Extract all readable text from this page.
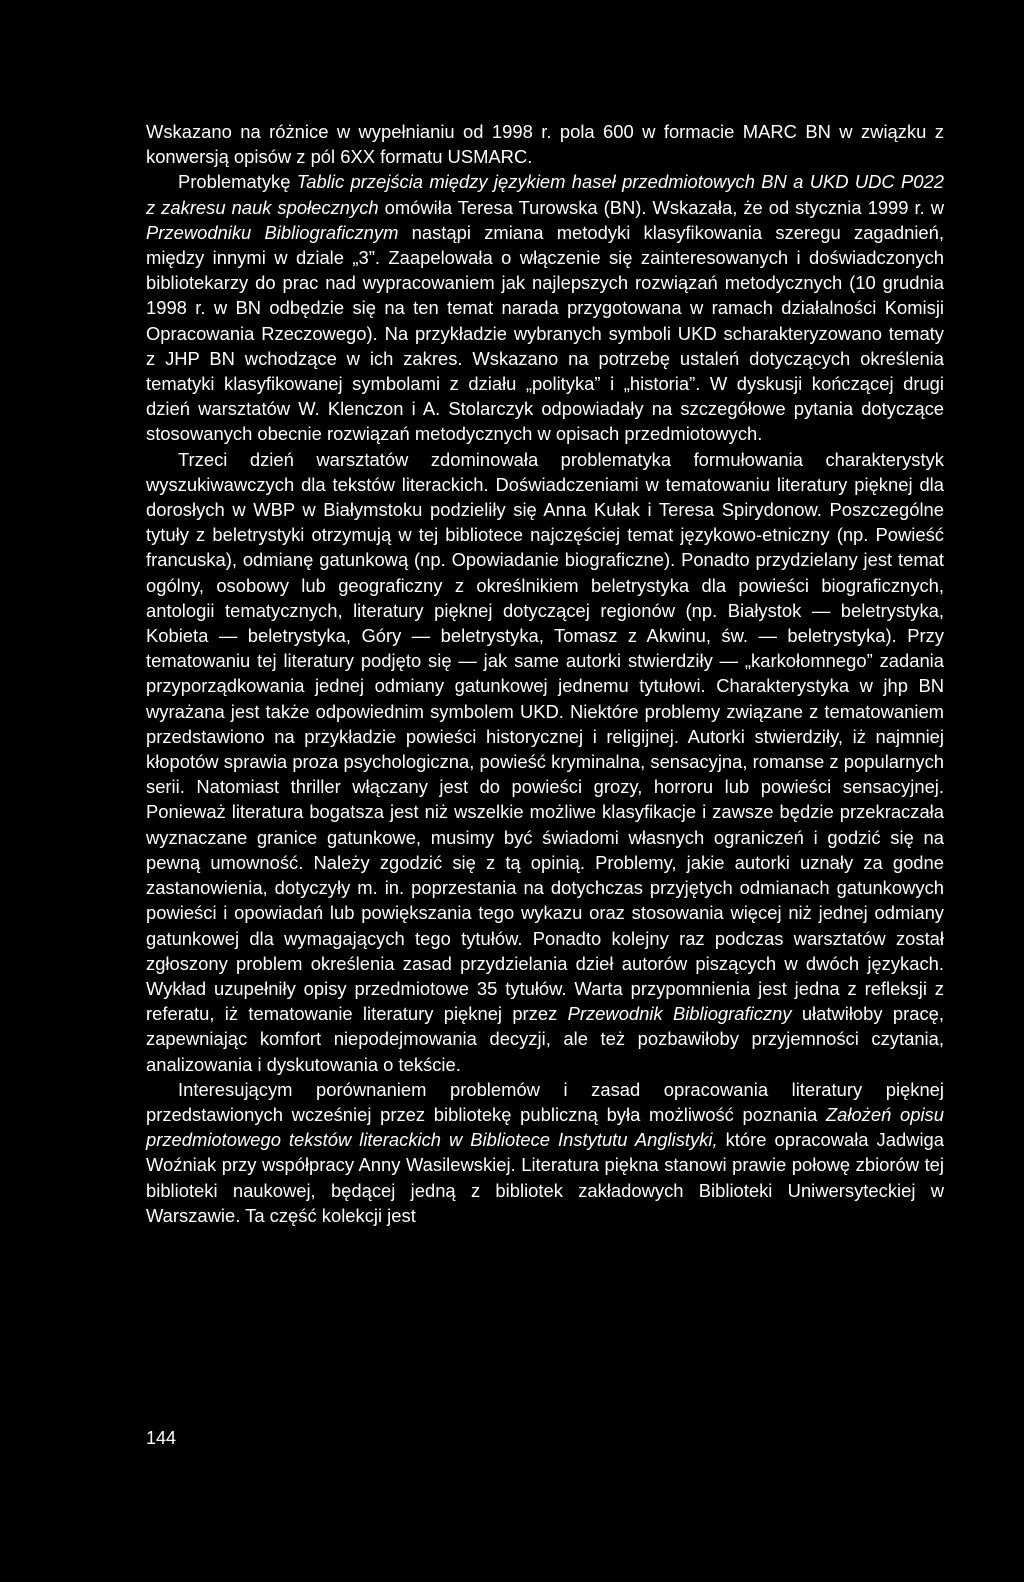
Wskazano na różnice w wypełnianiu od 1998 r. pola 600 w formacie MARC BN w związku z konwersją opisów z pól 6XX formatu USMARC.

Problematykę Tablic przejścia między językiem haseł przedmiotowych BN a UKD UDC P022 z zakresu nauk społecznych omówiła Teresa Turowska (BN). Wskazała, że od stycznia 1999 r. w Przewodniku Bibliograficznym nastąpi zmiana metodyki klasyfikowania szeregu zagadnień, między innymi w dziale „3”. Zaapelowała o włączenie się zainteresowanych i doświadczonych bibliotekarzy do prac nad wypracowaniem jak najlepszych rozwiązań metodycznych (10 grudnia 1998 r. w BN odbędzie się na ten temat narada przygotowana w ramach działalności Komisji Opracowania Rzeczowego). Na przykładzie wybranych symboli UKD scharakteryzowano tematy z JHP BN wchodzące w ich zakres. Wskazano na potrzebę ustaleń dotyczących określenia tematyki klasyfikowanej symbolami z działu „polityka” i „historia”. W dyskusji kończącej drugi dzień warsztatów W. Klenczon i A. Stolarczyk odpowiadały na szczegółowe pytania dotyczące stosowanych obecnie rozwiązań metodycznych w opisach przedmiotowych.

Trzeci dzień warsztatów zdominowała problematyka formułowania charakterystyk wyszukiwawczych dla tekstów literackich. Doświadczeniami w tematowaniu literatury pięknej dla dorosłych w WBP w Białymstoku podzieliły się Anna Kułak i Teresa Spirydonow. Poszczególne tytuły z beletrystyki otrzymują w tej bibliotece najczęściej temat językowo-etniczny (np. Powieść francuska), odmianę gatunkową (np. Opowiadanie biograficzne). Ponadto przydzielany jest temat ogólny, osobowy lub geograficzny z określnikiem beletrystyka dla powieści biograficznych, antologii tematycznych, literatury pięknej dotyczącej regionów (np. Białystok — beletrystyka, Kobieta — beletrystyka, Góry — beletrystyka, Tomasz z Akwinu, św. — beletrystyka). Przy tematowaniu tej literatury podjęto się — jak same autorki stwierdziły — „karkołomnego” zadania przyporządkowania jednej odmiany gatunkowej jednemu tytułowi. Charakterystyka w jhp BN wyrażana jest także odpowiednim symbolem UKD. Niektóre problemy związane z tematowaniem przedstawiono na przykładzie powieści historycznej i religijnej. Autorki stwierdziły, iż najmniej kłopotów sprawia proza psychologiczna, powieść kryminalna, sensacyjna, romanse z popularnych serii. Natomiast thriller włączany jest do powieści grozy, horroru lub powieści sensacyjnej. Ponieważ literatura bogatsza jest niż wszelkie możliwe klasyfikacje i zawsze będzie przekraczała wyznaczane granice gatunkowe, musimy być świadomi własnych ograniczeń i godzić się na pewną umowność. Należy zgodzić się z tą opinią. Problemy, jakie autorki uznały za godne zastanowienia, dotyczyły m. in. poprzestania na dotychczas przyjętych odmianach gatunkowych powieści i opowiadań lub powiększania tego wykazu oraz stosowania więcej niż jednej odmiany gatunkowej dla wymagających tego tytułów. Ponadto kolejny raz podczas warsztatów został zgłoszony problem określenia zasad przydzielania dzieł autorów piszących w dwóch językach. Wykład uzupełniły opisy przedmiotowe 35 tytułów. Warta przypomnienia jest jedna z refleksji z referatu, iż tematowanie literatury pięknej przez Przewodnik Bibliograficzny ułatwiłoby pracę, zapewniając komfort niepodejmowania decyzji, ale też pozbawiłoby przyjemności czytania, analizowania i dyskutowania o tekście.

Interesującym porównaniem problemów i zasad opracowania literatury pięknej przedstawionych wcześniej przez bibliotekę publiczną była możliwość poznania Założeń opisu przedmiotowego tekstów literackich w Bibliotece Instytutu Anglistyki, które opracowała Jadwiga Woźniak przy współpracy Anny Wasilewskiej. Literatura piękna stanowi prawie połowę zbiorów tej biblioteki naukowej, będącej jedną z bibliotek zakładowych Biblioteki Uniwersyteckiej w Warszawie. Ta część kolekcji jest

144
